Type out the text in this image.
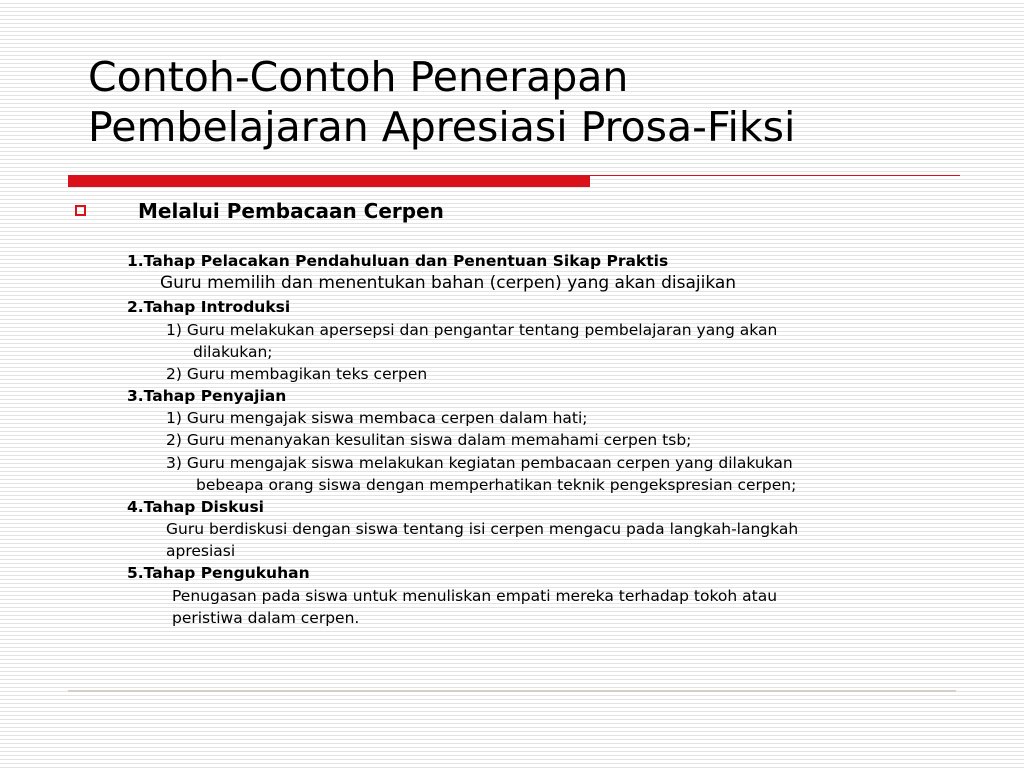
Contoh-Contoh Penerapan
Pembelajaran Apresiasi Prosa-Fiksi
Melalui Pembacaan Cerpen
1.Tahap Pelacakan Pendahuluan dan Penentuan Sikap Praktis
Guru memilih dan menentukan bahan (cerpen) yang akan disajikan
2.Tahap Introduksi
1) Guru melakukan apersepsi dan pengantar tentang pembelajaran yang akan
dilakukan;
2) Guru membagikan teks cerpen
3.Tahap Penyajian
1) Guru mengajak siswa membaca cerpen dalam hati;
2) Guru menanyakan kesulitan siswa dalam memahami cerpen tsb;
3) Guru mengajak siswa melakukan kegiatan pembacaan cerpen yang dilakukan
bebeapa orang siswa dengan memperhatikan teknik pengekspresian cerpen;
4.Tahap Diskusi
Guru berdiskusi dengan siswa tentang isi cerpen mengacu pada langkah-langkah
apresiasi
5.Tahap Pengukuhan
Penugasan pada siswa untuk menuliskan empati mereka terhadap tokoh atau
peristiwa dalam cerpen.
